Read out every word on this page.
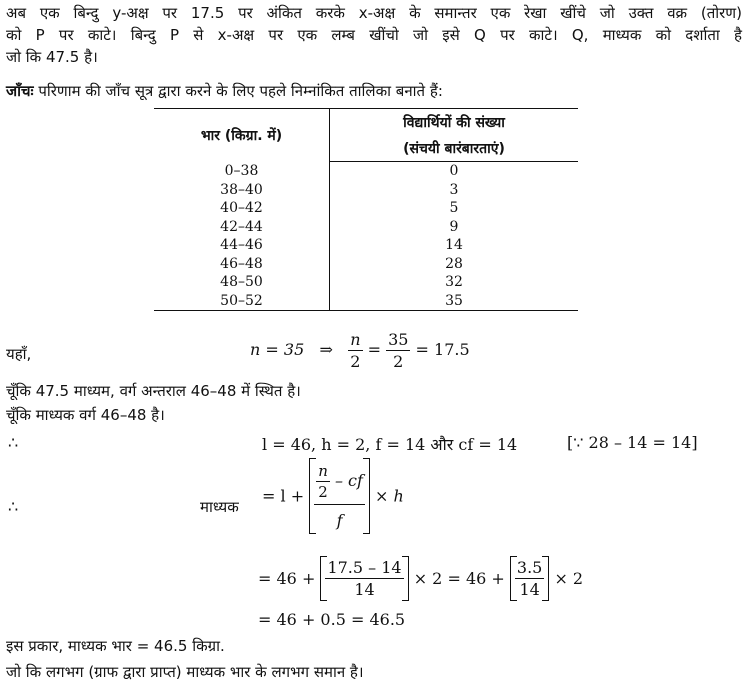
अब एक बिन्दु y-अक्ष पर 17.5 पर अंकित करके x-अक्ष के समान्तर एक रेखा खींचे जो उक्त वक्र (तोरण)

को P पर काटे। बिन्दु P से x-अक्ष पर एक लम्ब खींचो जो इसे Q पर काटे। Q, माध्यक को दर्शाता है

जो कि 47.5 है।

जाँचः परिणाम की जाँच सूत्र द्वारा करने के लिए पहले निम्नांकित तालिका बनाते हैं:
भार (किग्रा. में)	विद्यार्थियों की संख्या
	(संचयी बारंबारताएं)
0–38	0
38–40	3
40–42	5
42–44	9
44–46	14
46–48	28
48–50	32
50–52	35
यहाँ,	n = 35 ⇒ $\frac{n}{2} = \frac{35}{2} = 17.5$
चूँकि 47.5 माध्यम, वर्ग अन्तराल 46–48 में स्थित है।
चूँकि माध्यक वर्ग 46–48 है।
∴	l = 46, h = 2, f = 14 और cf = 14	[∵ 28 – 14 = 14]
∴	माध्यक
= $l + \frac{\frac{n}{2} - cf}{f} \times h$
= $46 + \frac{17.5 - 14}{14} \times 2 = 46 + \frac{3.5}{14} \times 2$
= 46 + 0.5 = 46.5
इस प्रकार, माध्यक भार = 46.5 किग्रा.
जो कि लगभग (ग्राफ द्वारा प्राप्त) माध्यक भार के लगभग समान है।
